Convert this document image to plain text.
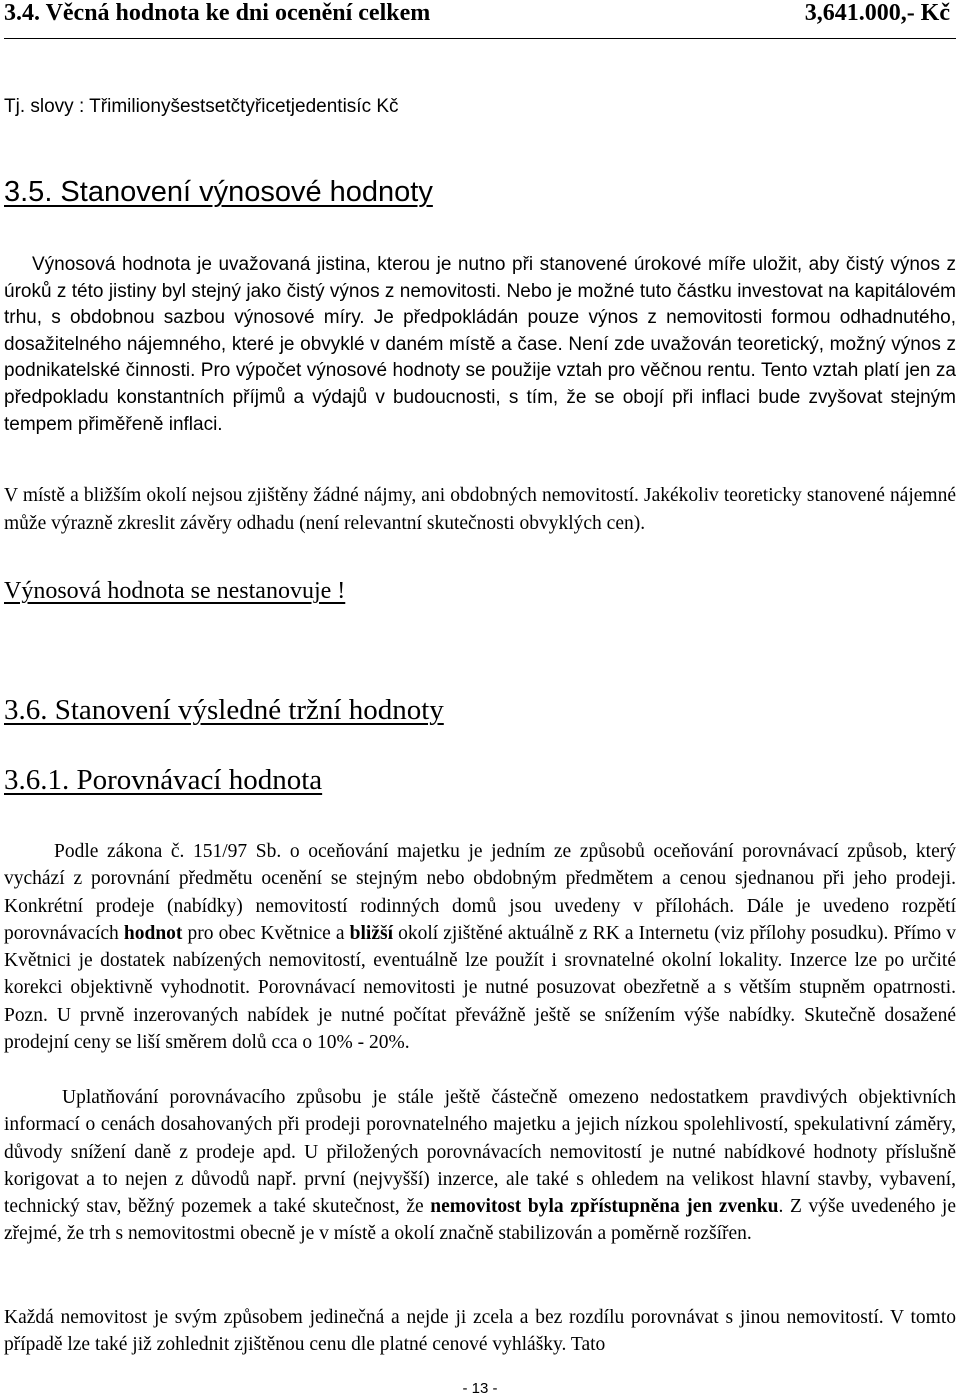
3.4. Věcná hodnota ke dni ocenění celkem	3,641.000,- Kč
Tj. slovy : Třimilionyšestsetčtyřicetjedentisíc Kč
3.5. Stanovení výnosové hodnoty
Výnosová hodnota je uvažovaná jistina, kterou je nutno při stanovené úrokové míře uložit, aby čistý výnos z úroků z této jistiny byl stejný jako čistý výnos z nemovitosti. Nebo je možné tuto částku investovat na kapitálovém trhu, s obdobnou sazbou výnosové míry. Je předpokládán pouze výnos z nemovitosti formou odhadnutého, dosažitelného nájemného, které je obvyklé v daném místě a čase. Není zde uvažován teoretický, možný výnos z podnikatelské činnosti. Pro výpočet výnosové hodnoty se použije vztah pro věčnou rentu. Tento vztah platí jen za předpokladu konstantních příjmů a výdajů v budoucnosti, s tím, že se obojí při inflaci bude zvyšovat stejným tempem přiměřeně inflaci.
V místě a bližším okolí nejsou zjištěny žádné nájmy, ani obdobných nemovitostí. Jakékoliv teoreticky stanovené nájemné může výrazně zkreslit závěry odhadu (není relevantní skutečnosti obvyklých cen).
Výnosová hodnota se nestanovuje !
3.6. Stanovení výsledné tržní hodnoty
3.6.1. Porovnávací hodnota
Podle zákona č. 151/97 Sb. o oceňování majetku je jedním ze způsobů oceňování porovnávací způsob, který vychází z porovnání předmětu ocenění se stejným nebo obdobným předmětem a cenou sjednanou při jeho prodeji. Konkrétní prodeje (nabídky) nemovitostí rodinných domů jsou uvedeny v přílohách. Dále je uvedeno rozpětí porovnávacích hodnot pro obec Květnice a bližší okolí zjištěné aktuálně z RK a Internetu (viz přílohy posudku). Přímo v Květnici je dostatek nabízených nemovitostí, eventuálně lze použít i srovnatelné okolní lokality. Inzerce lze po určité korekci objektivně vyhodnotit. Porovnávací nemovitosti je nutné posuzovat obezřetně a s větším stupněm opatrnosti. Pozn. U prvně inzerovaných nabídek je nutné počítat převážně ještě se snížením výše nabídky. Skutečně dosažené prodejní ceny se liší směrem dolů cca o 10% - 20%.
Uplatňování porovnávacího způsobu je stále ještě částečně omezeno nedostatkem pravdivých objektivních informací o cenách dosahovaných při prodeji porovnatelného majetku a jejich nízkou spolehlivostí, spekulativní záměry, důvody snížení daně z prodeje apd. U přiložených porovnávacích nemovitostí je nutné nabídkové hodnoty příslušně korigovat a to nejen z důvodů např. první (nejvyšší) inzerce, ale také s ohledem na velikost hlavní stavby, vybavení, technický stav, běžný pozemek a také skutečnost, že nemovitost byla zpřístupněna jen zvenku. Z výše uvedeného je zřejmé, že trh s nemovitostmi obecně je v místě a okolí značně stabilizován a poměrně rozšířen.
Každá nemovitost je svým způsobem jedinečná a nejde ji zcela a bez rozdílu porovnávat s jinou nemovitostí. V tomto případě lze také již zohlednit zjištěnou cenu dle platné cenové vyhlášky. Tato
- 13 -
